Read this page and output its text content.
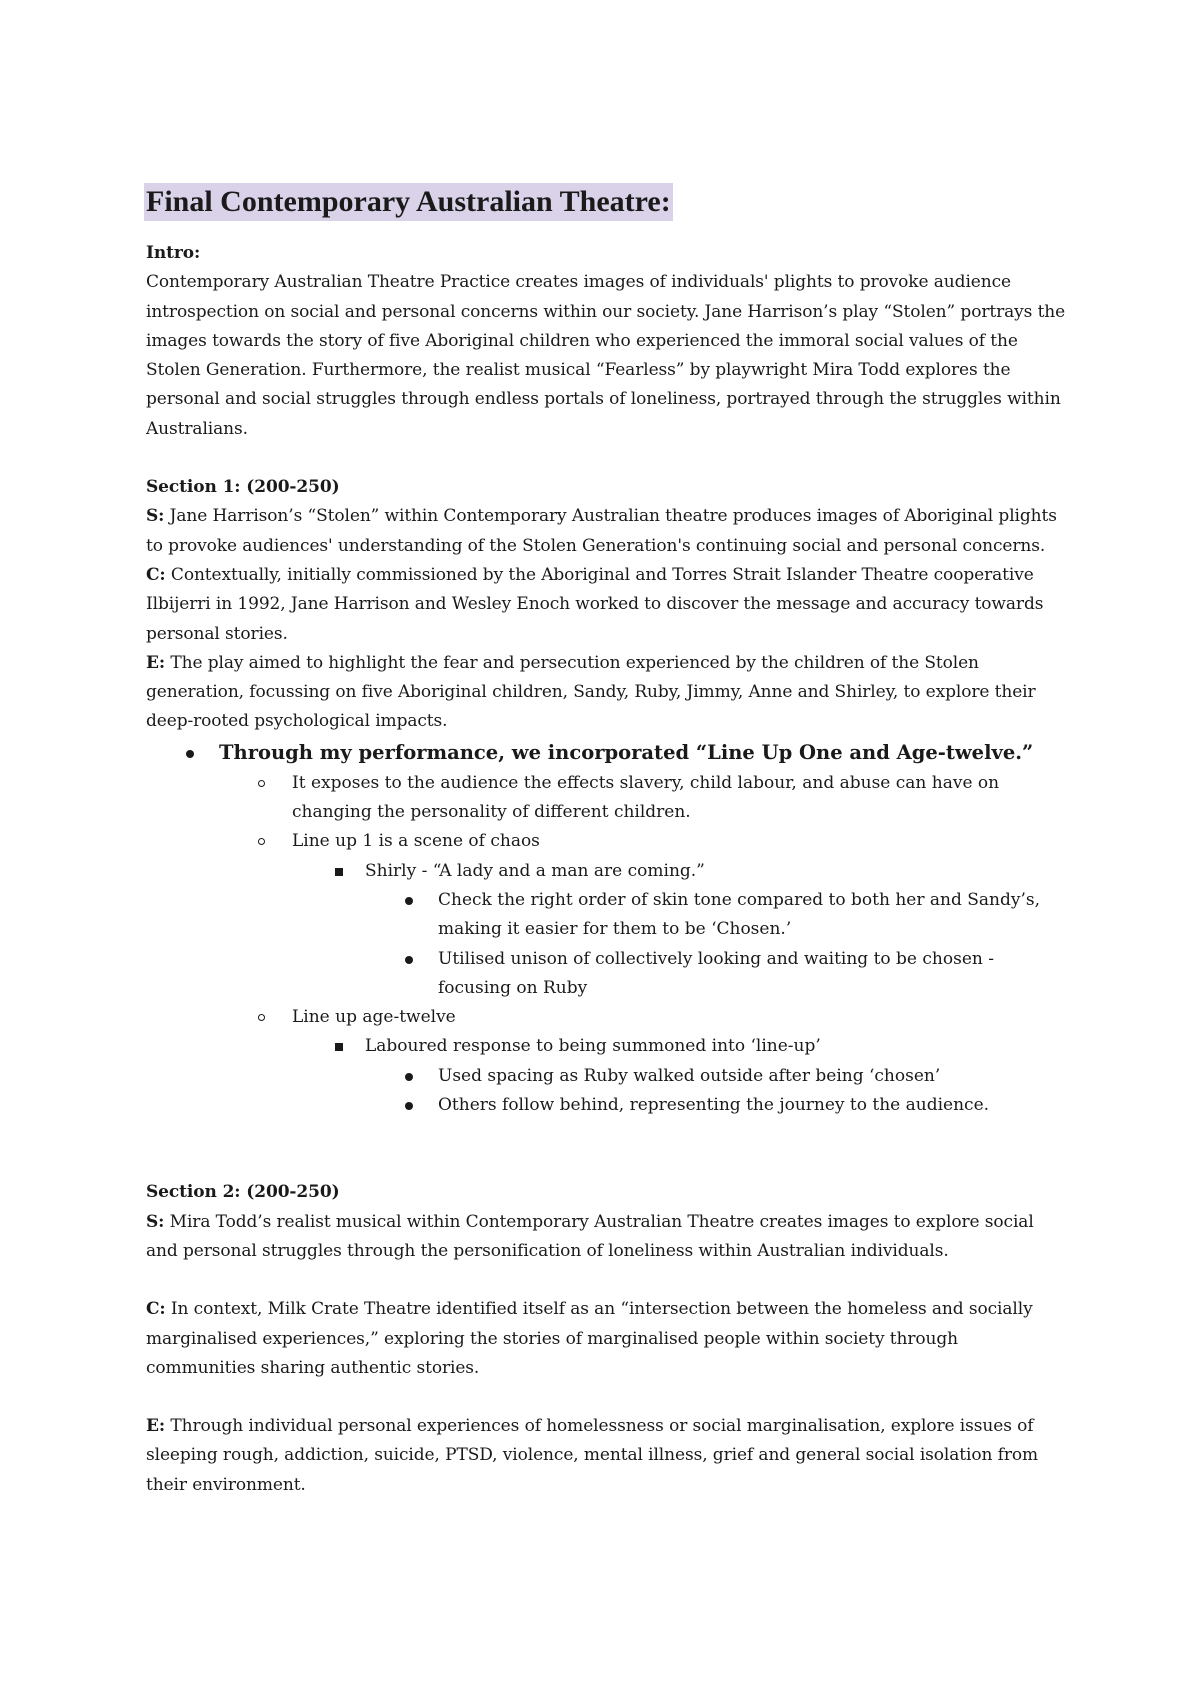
Final Contemporary Australian Theatre:

Intro:

Contemporary Australian Theatre Practice creates images of individuals' plights to provoke audience introspection on social and personal concerns within our society. Jane Harrison’s play “Stolen” portrays the images towards the story of five Aboriginal children who experienced the immoral social values of the Stolen Generation. Furthermore, the realist musical “Fearless” by playwright Mira Todd explores the personal and social struggles through endless portals of loneliness, portrayed through the struggles within Australians.

Section 1: (200-250)

S: Jane Harrison’s “Stolen” within Contemporary Australian theatre produces images of Aboriginal plights to provoke audiences' understanding of the Stolen Generation's continuing social and personal concerns.

C: Contextually, initially commissioned by the Aboriginal and Torres Strait Islander Theatre cooperative Ilbijerri in 1992, Jane Harrison and Wesley Enoch worked to discover the message and accuracy towards personal stories.

E: The play aimed to highlight the fear and persecution experienced by the children of the Stolen generation, focussing on five Aboriginal children, Sandy, Ruby, Jimmy, Anne and Shirley, to explore their deep-rooted psychological impacts.

Through my performance, we incorporated “Line Up One and Age-twelve.”
It exposes to the audience the effects slavery, child labour, and abuse can have on changing the personality of different children.
Line up 1 is a scene of chaos
Shirly - “A lady and a man are coming.”
Check the right order of skin tone compared to both her and Sandy’s, making it easier for them to be ‘Chosen.’
Utilised unison of collectively looking and waiting to be chosen - focusing on Ruby
Line up age-twelve
Laboured response to being summoned into ‘line-up’
Used spacing as Ruby walked outside after being ‘chosen’
Others follow behind, representing the journey to the audience.

Section 2: (200-250)

S: Mira Todd’s realist musical within Contemporary Australian Theatre creates images to explore social and personal struggles through the personification of loneliness within Australian individuals.

C: In context, Milk Crate Theatre identified itself as an “intersection between the homeless and socially marginalised experiences,” exploring the stories of marginalised people within society through communities sharing authentic stories.

E: Through individual personal experiences of homelessness or social marginalisation, explore issues of sleeping rough, addiction, suicide, PTSD, violence, mental illness, grief and general social isolation from their environment.
